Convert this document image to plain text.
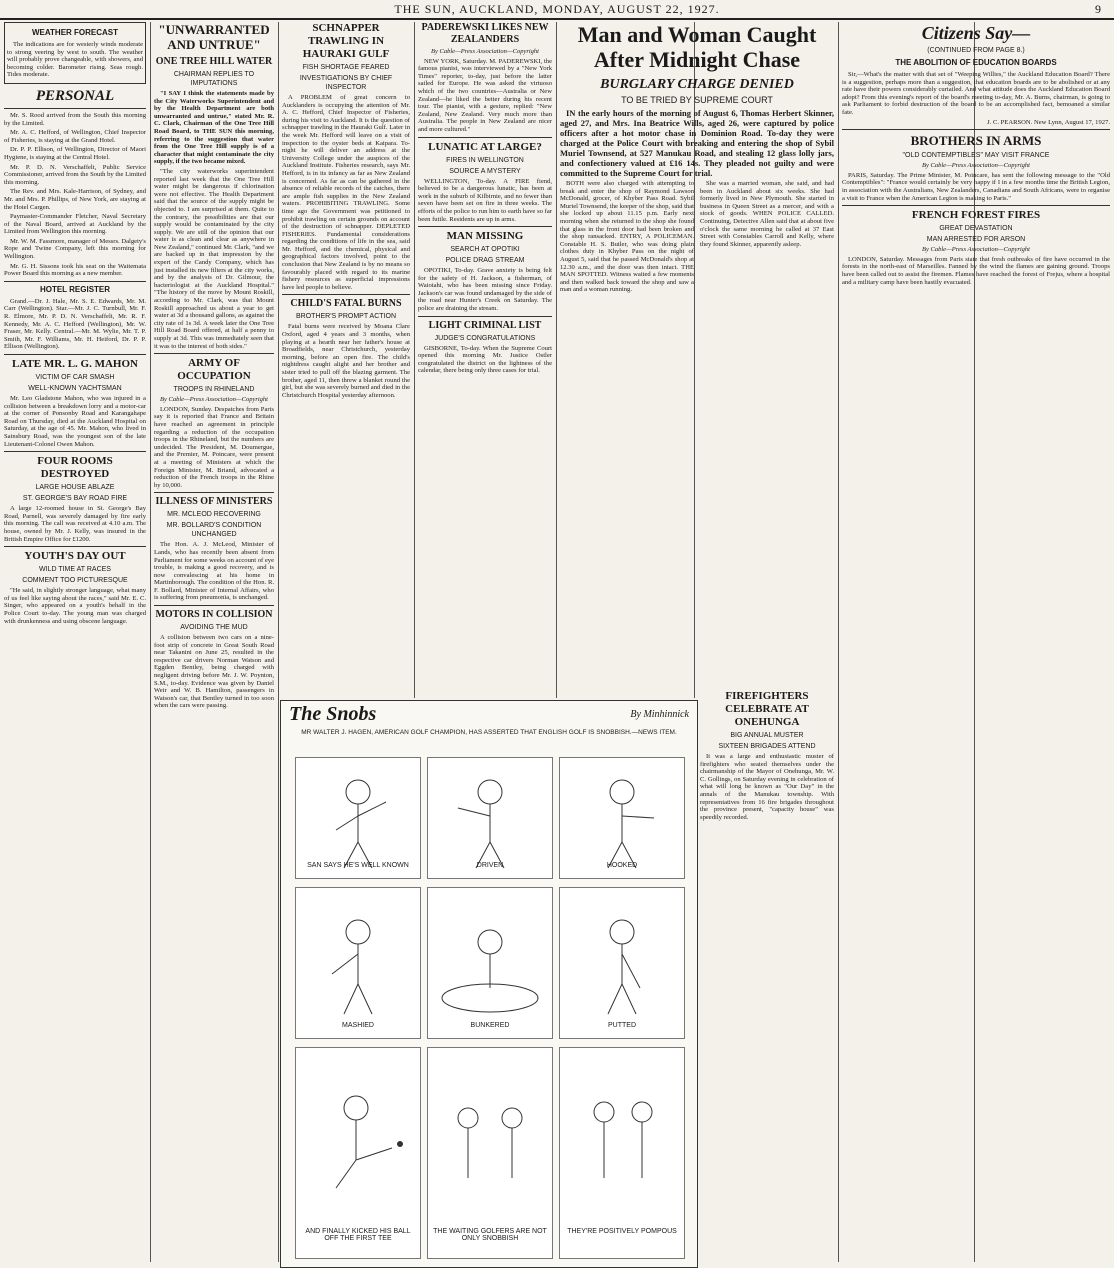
THE SUN, AUCKLAND, MONDAY, AUGUST 22, 1927.	9
WEATHER FORECAST

The indications are for westerly winds moderate to strong veering by west to south. The weather will probably prove changeable, with showers, and becoming colder. Barometer rising. Seas rough. Tides moderate.

PERSONAL

Mr. S. Rood arrived from the South this morning by the Limited.

Mr. A. C. Hefford, of Wellington, Chief Inspector of Fisheries, is staying at the Grand Hotel.

Dr. P. P. Ellison, of Wellington, Director of Maori Hygiene, is staying at the Central Hotel.

Mr. P. D. N. Verschaffelt, Public Service Commissioner, arrived from the South by the Limited this morning.

The Rev. and Mrs. Kale-Harrison, of Sydney, and Mr. and Mrs. P. Phillips, of New York, are staying at the Hotel Cargen.

Paymaster-Commander Fletcher, Naval Secretary of the Naval Board, arrived at Auckland by the Limited from Wellington this morning.

Mr. W. M. Fassmore, manager of Messrs. Dalgety's Rope and Twine Company, left this morning for Wellington.

Mr. G. H. Sissons took his seat on the Waitemata Power Board this morning as a new member.

HOTEL REGISTER

Grand.—Dr. J. Hale, Mr. S. E. Edwards, Mr. M. Carr (Wellington). Star.—Mr. J. C. Turnbull, Mr. F. R. Elmore, Mr. P. D. N. Verschaffelt, Mr. R. F. Kennedy, Mr. A. C. Hefford (Wellington), Mr. W. Fraser, Mr. Kelly. Central.—Mr. M. Wylie, Mr. T. P. Smith, Mr. F. Williams, Mr. H. Heiford, Dr. P. P. Ellison (Wellington).

LATE MR. L. G. MAHON
VICTIM OF CAR SMASH
WELL-KNOWN YACHTSMAN

Mr. Leo Gladstone Mahon, who was injured in a collision between a breakdown lorry and a motor-car at the corner of Ponsonby Road and Karangahape Road on Thursday, died at the Auckland Hospital on Saturday, at the age of 45. Mr. Mahon, who lived in Sainsbury Road, was the youngest son of the late Lieutenant-Colonel Owen Mahon.

FOUR ROOMS DESTROYED
LARGE HOUSE ABLAZE
ST. GEORGE'S BAY ROAD FIRE

A large 12-roomed house in St. George's Bay Road, Parnell, was severely damaged by fire early this morning. The call was received at 4.10 a.m. The house, owned by Mr. J. Kelly, was insured in the British Empire Office for £1200.

YOUTH'S DAY OUT
WILD TIME AT RACES
COMMENT TOO PICTURESQUE

"He said, in slightly stronger language, what many of us feel like saying about the races," said Mr. E. C. Singer, who appeared on a youth's behalf in the Police Court to-day. The young man was charged with drunkenness and using obscene language.

"UNWARRANTED AND UNTRUE"
ONE TREE HILL WATER
CHAIRMAN REPLIES TO IMPUTATIONS

"I SAY I think the statements made by the City Waterworks Superintendent and by the Health Department are both unwarranted and untrue," stated Mr. R. C. Clark, Chairman of the One Tree Hill Road Board, to THE SUN this morning, referring to the suggestion that water from the One Tree Hill supply is of a character that might contaminate the city supply, if the two became mixed.

"The city waterworks superintendent reported last week that the One Tree Hill water might be dangerous if chlorination were not effective. The Health Department said that the source of the supply might be objected to. I am surprised at them. Quite to the contrary, the possibilities are that our supply would be contaminated by the city supply. We are still of the opinion that our water is as clean and clear as anywhere in New Zealand," continued Mr. Clark, "and we are backed up in that impression by the expert of the Candy Company, which has just installed its new filters at the city works, and by the analysis of Dr. Gilmour, the bacteriologist at the Auckland Hospital." "The history of the move by Mount Roskill, according to Mr. Clark, was that Mount Roskill approached us about a year to get water at 3d a thousand gallons, as against the city rate of 1s 3d. A week later the One Tree Hill Road Board offered, at half a penny to supply at 3d. This was immediately seen that it was to the interest of both sides."

ARMY OF OCCUPATION
TROOPS IN RHINELAND
By Cable—Press Association—Copyright

LONDON, Sunday. Despatches from Paris say it is reported that France and Britain have reached an agreement in principle regarding a reduction of the occupation troops in the Rhineland, but the numbers are undecided. The President, M. Doumergue, and the Premier, M. Poincare, were present at a meeting of Ministers at which the Foreign Minister, M. Briand, advocated a reduction of the French troops in the Rhine by 10,000.

ILLNESS OF MINISTERS
MR. MCLEOD RECOVERING
MR. BOLLARD'S CONDITION UNCHANGED

The Hon. A. J. McLeod, Minister of Lands, who has recently been absent from Parliament for some weeks on account of eye trouble, is making a good recovery, and is now convalescing at his home in Martinborough. The condition of the Hon. R. F. Bollard, Minister of Internal Affairs, who is suffering from pneumonia, is unchanged.

MOTORS IN COLLISION
AVOIDING THE MUD

A collision between two cars on a nine-foot strip of concrete in Great South Road near Takanini on June 25, resulted in the respective car drivers Norman Watson and Eggden Bentley, being charged with negligent driving before Mr. J. W. Poynton, S.M., to-day. Evidence was given by Daniel Weir and W. B. Hamilton, passengers in Watson's car, that Bentley turned in too soon when the cars were passing.

SCHNAPPER TRAWLING IN HAURAKI GULF
FISH SHORTAGE FEARED
INVESTIGATIONS BY CHIEF INSPECTOR

A PROBLEM of great concern to Aucklanders is occupying the attention of Mr. A. C. Hefford, Chief Inspector of Fisheries, during his visit to Auckland. It is the question of schnapper trawling in the Hauraki Gulf. Later in the week Mr. Hefford will leave on a visit of inspection to the oyster beds at Kaipara. To-night he will deliver an address at the University College under the auspices of the Auckland Institute. Fisheries research, says Mr. Hefford, is in its infancy as far as New Zealand is concerned. As far as can be gathered in the absence of reliable records of the catches, there are ample fish supplies in the New Zealand waters. PROHIBITING TRAWLING. Some time ago the Government was petitioned to prohibit trawling on certain grounds on account of the destruction of schnapper. DEPLETED FISHERIES. Fundamental considerations regarding the conditions of life in the sea, said Mr. Hefford, and the chemical, physical and geographical factors involved, point to the conclusion that New Zealand is by no means so favourably placed with regard to its marine fishery resources as superficial impressions have led people to believe.

CHILD'S FATAL BURNS
BROTHER'S PROMPT ACTION

Fatal burns were received by Moana Clare Oxford, aged 4 years and 3 months, when playing at a hearth near her father's house at Broadfields, near Christchurch, yesterday morning, before an open fire. The child's nightdress caught alight and her brother and sister tried to pull off the blazing garment. The brother, aged 11, then threw a blanket round the girl, but she was severely burned and died in the Christchurch Hospital yesterday afternoon.

PADEREWSKI LIKES NEW ZEALANDERS
By Cable—Press Association—Copyright

NEW YORK, Saturday. M. PADEREWSKI, the famous pianist, was interviewed by a "New York Times" reporter, to-day, just before the latter sailed for Europe. He was asked the virtuoso which of the two countries—Australia or New Zealand—he liked the better during his recent tour. The pianist, with a gesture, replied: "New Zealand, New Zealand. Very much more than Australia. The people in New Zealand are nicer and more cultured."

LUNATIC AT LARGE?
FIRES IN WELLINGTON
SOURCE A MYSTERY

WELLINGTON, To-day. A FIRE fiend, believed to be a dangerous lunatic, has been at work in the suburb of Kilbirnie, and no fewer than seven have been set on fire in three weeks. The efforts of the police to run him to earth have so far been futile. Residents are up in arms.

MAN MISSING
SEARCH AT OPOTIKI
POLICE DRAG STREAM

OPOTIKI, To-day. Grave anxiety is being felt for the safety of H. Jackson, a fisherman, of Waiotahi, who has been missing since Friday. Jackson's car was found undamaged by the side of the road near Hunter's Creek on Saturday. The police are draining the stream.

LIGHT CRIMINAL LIST
JUDGE'S CONGRATULATIONS

GISBORNE, To-day. When the Supreme Court opened this morning Mr. Justice Ostler congratulated the district on the lightness of the calendar, there being only three cases for trial.

Man and Woman Caught After Midnight Chase
BURGLARY CHARGE DENIED
TO BE TRIED BY SUPREME COURT

IN the early hours of the morning of August 6, Thomas Herbert Skinner, aged 27, and Mrs. Ina Beatrice Wills, aged 26, were captured by police officers after a hot motor chase in Dominion Road. To-day they were charged at the Police Court with breaking and entering the shop of Sybil Muriel Townsend, at 527 Manukau Road, and stealing 12 glass lolly jars, and confectionery valued at £16 14s. They pleaded not guilty and were committed to the Supreme Court for trial.

BOTH were also charged with attempting to break and enter the shop of Raymond Lawson McDonald, grocer, of Khyber Pass Road. Sybil Muriel Townsend, the keeper of the shop, said that she locked up about 11.15 p.m. Early next morning when she returned to the shop she found that glass in the front door had been broken and the shop ransacked. ENTRY, A POLICEMAN. Constable H. S. Butler, who was doing plain clothes duty in Khyber Pass on the night of August 5, said that he passed McDonald's shop at 12.30 a.m., and the door was then intact. THE MAN SPOTTED. Witness waited a few moments and then walked back toward the shop and saw a man and a woman running.

She was a married woman, she said, and had been in Auckland about six weeks. She had formerly lived in New Plymouth. She started in business in Queen Street as a mercer, and with a stock of goods. WHEN POLICE CALLED. Continuing, Detective Allen said that at about five o'clock the same morning he called at 37 East Street with Constables Carroll and Kelly, where they found Skinner, apparently asleep.

FIREFIGHTERS CELEBRATE AT ONEHUNGA
BIG ANNUAL MUSTER
SIXTEEN BRIGADES ATTEND

It was a large and enthusiastic muster of firefighters who seated themselves under the chairmanship of the Mayor of Onehunga, Mr. W. C. Gollings, on Saturday evening in celebration of what will long be known as "Our Day" in the annals of the Manukau township. With representatives from 16 fire brigades throughout the province present, "capacity house" was speedily recorded.

Citizens Say—
(CONTINUED FROM PAGE 8.)
THE ABOLITION OF EDUCATION BOARDS

Sir,—What's the matter with that set of "Weeping Willies," the Auckland Education Board? There is a suggestion, perhaps more than a suggestion, that education boards are to be abolished or at any rate have their powers considerably curtailed. And what attitude does the Auckland Education Board adopt? From this evening's report of the board's meeting to-day, Mr. A. Burns, chairman, is going to ask Parliament to forbid destruction of the board to be an accomplished fact, bemoaned a similar fate.

J. C. PEARSON. New Lynn, August 17, 1927.

BROTHERS IN ARMS
"OLD CONTEMPTIBLES" MAY VISIT FRANCE
By Cable—Press Association—Copyright

PARIS, Saturday. The Prime Minister, M. Poincare, has sent the following message to the "Old Contemptibles": "France would certainly be very happy if I in a few months time the British Legion, in association with the Australians, New Zealanders, Canadians and South Africans, were to organise a visit to France when the American Legion is making to Paris."

FRENCH FOREST FIRES
GREAT DEVASTATION
MAN ARRESTED FOR ARSON
By Cable—Press Association—Copyright

LONDON, Saturday. Messages from Paris state that fresh outbreaks of fire have occurred in the forests in the north-east of Marseilles. Fanned by the wind the flames are gaining ground. Troops have been called out to assist the firemen. Flames have reached the forest of Frejus, where a hospital and a military camp have been hastily evacuated.

The Snobs	By Minhinnick
MR WALTER J. HAGEN, AMERICAN GOLF CHAMPION, HAS ASSERTED THAT ENGLISH GOLF IS SNOBBISH.—NEWS ITEM.
SAN SAYS HE'S WELL KNOWN	DRIVEN	HOOKED
MASHIED	BUNKERED	PUTTED
AND FINALLY KICKED HIS BALL OFF THE FIRST TEE
THE WAITING GOLFERS ARE NOT ONLY SNOBBISH
THEY'RE POSITIVELY POMPOUS
